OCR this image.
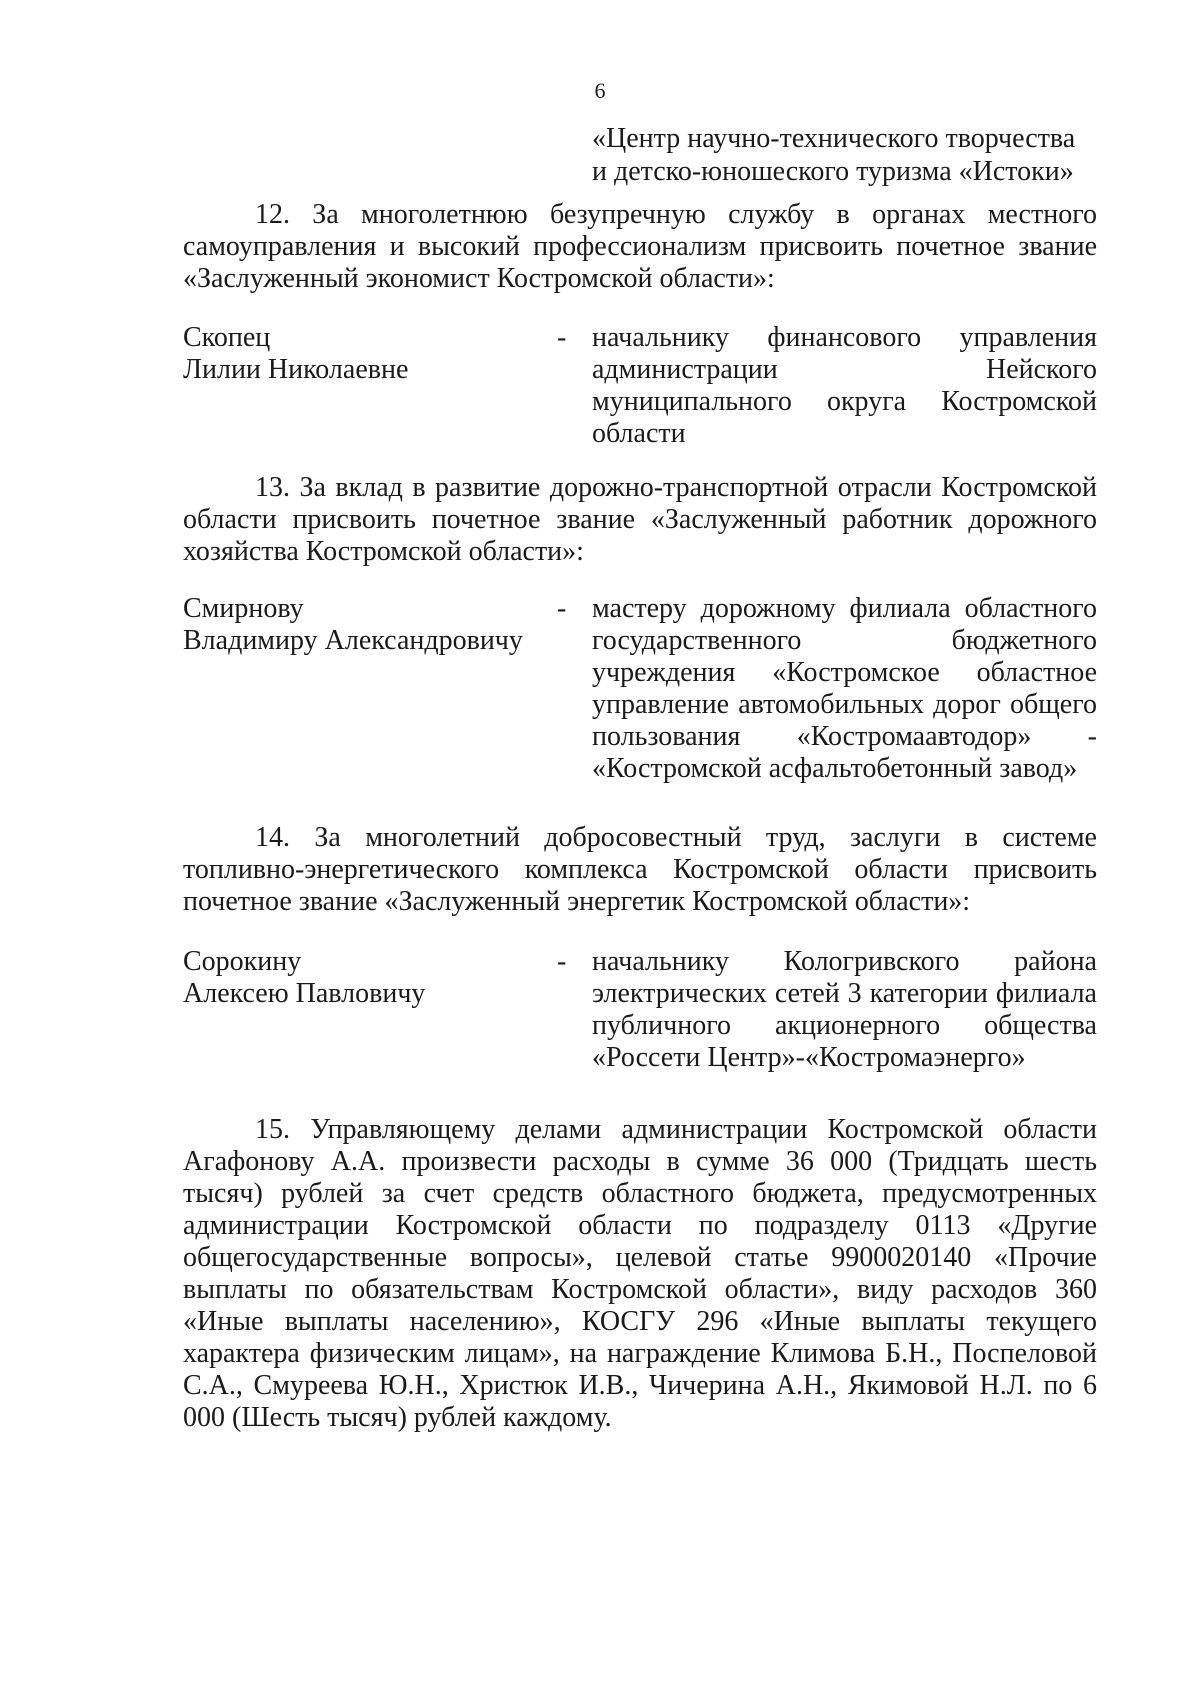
6
«Центр научно-технического творчества
и детско-юношеского туризма «Истоки»

12. За многолетнюю безупречную службу в органах местного самоуправления и высокий профессионализм присвоить почетное звание «Заслуженный экономист Костромской области»:

Скопец
Лилии Николаевне
- начальнику финансового управления администрации Нейского муниципального округа Костромской области

13. За вклад в развитие дорожно-транспортной отрасли Костромской области присвоить почетное звание «Заслуженный работник дорожного хозяйства Костромской области»:

Смирнову
Владимиру Александровичу
- мастеру дорожному филиала областного государственного бюджетного учреждения «Костромское областное управление автомобильных дорог общего пользования «Костромаавтодор» - «Костромской асфальтобетонный завод»

14. За многолетний добросовестный труд, заслуги в системе топливно-энергетического комплекса Костромской области присвоить почетное звание «Заслуженный энергетик Костромской области»:

Сорокину
Алексею Павловичу
- начальнику Кологривского района электрических сетей 3 категории филиала публичного акционерного общества «Россети Центр»-«Костромаэнерго»

15. Управляющему делами администрации Костромской области Агафонову А.А. произвести расходы в сумме 36 000 (Тридцать шесть тысяч) рублей за счет средств областного бюджета, предусмотренных администрации Костромской области по подразделу 0113 «Другие общегосударственные вопросы», целевой статье 9900020140 «Прочие выплаты по обязательствам Костромской области», виду расходов 360 «Иные выплаты населению», КОСГУ 296 «Иные выплаты текущего характера физическим лицам», на награждение Климова Б.Н., Поспеловой С.А., Смуреева Ю.Н., Христюк И.В., Чичерина А.Н., Якимовой Н.Л. по 6 000 (Шесть тысяч) рублей каждому.
